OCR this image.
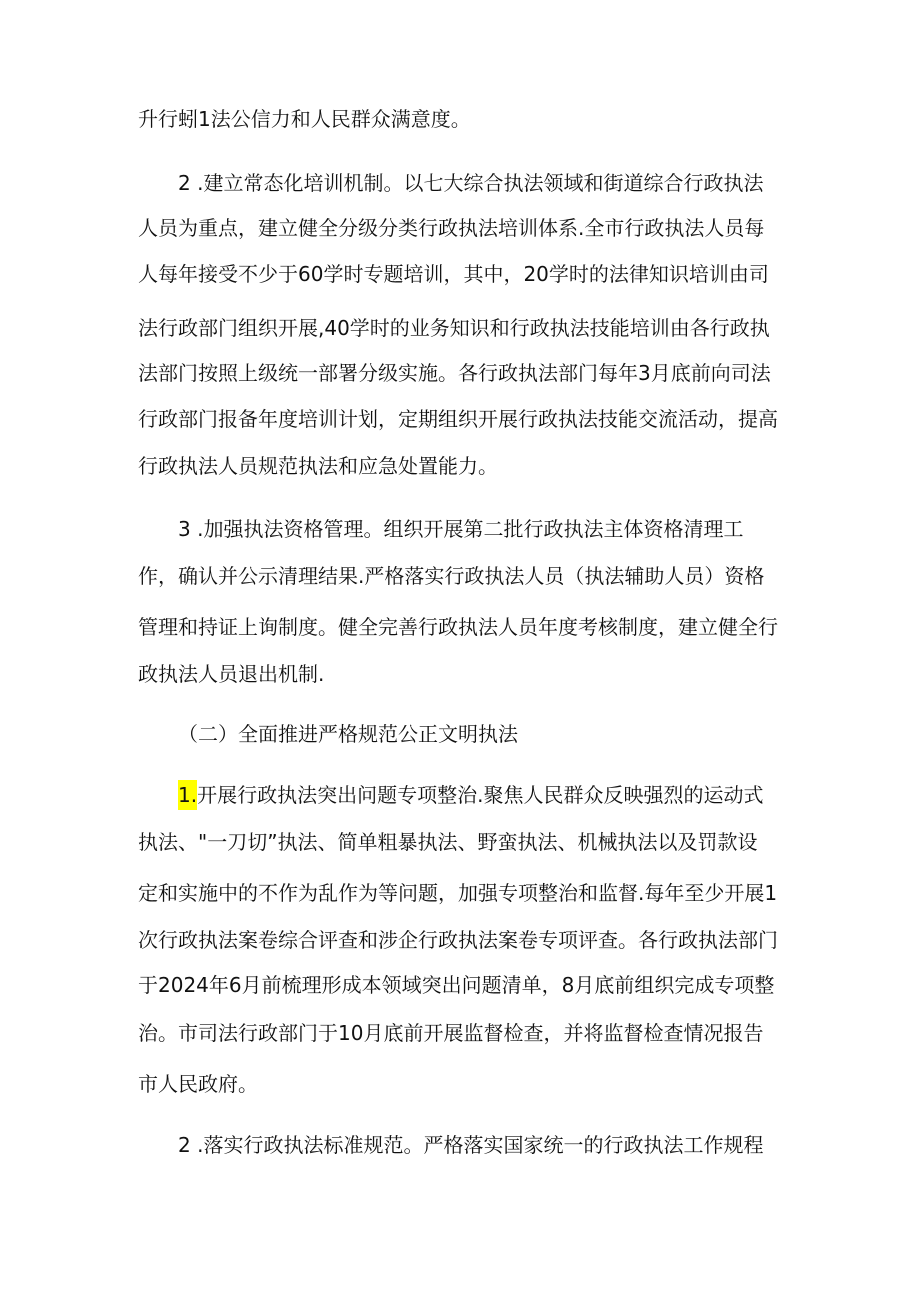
升行蚓1法公信力和人民群众满意度。
2 .建立常态化培训机制。以七大综合执法领域和街道综合行政执法
人员为重点，建立健全分级分类行政执法培训体系.全市行政执法人员每
人每年接受不少于60学时专题培训，其中，20学时的法律知识培训由司
法行政部门组织开展,40学时的业务知识和行政执法技能培训由各行政执
法部门按照上级统一部署分级实施。各行政执法部门每年3月底前向司法
行政部门报备年度培训计划，定期组织开展行政执法技能交流活动，提高
行政执法人员规范执法和应急处置能力。
3 .加强执法资格管理。组织开展第二批行政执法主体资格清理工
作，确认并公示清理结果.严格落实行政执法人员（执法辅助人员）资格
管理和持证上询制度。健全完善行政执法人员年度考核制度，建立健全行
政执法人员退出机制.
（二）全面推进严格规范公正文明执法
1.开展行政执法突出问题专项整治.聚焦人民群众反映强烈的运动式
执法、"一刀切”执法、简单粗暴执法、野蛮执法、机械执法以及罚款设
定和实施中的不作为乱作为等问题，加强专项整治和监督.每年至少开展1
次行政执法案卷综合评查和涉企行政执法案卷专项评查。各行政执法部门
于2024年6月前梳理形成本领域突出问题清单，8月底前组织完成专项整
治。市司法行政部门于10月底前开展监督检查，并将监督检查情况报告
市人民政府。
2 .落实行政执法标准规范。严格落实国家统一的行政执法工作规程
